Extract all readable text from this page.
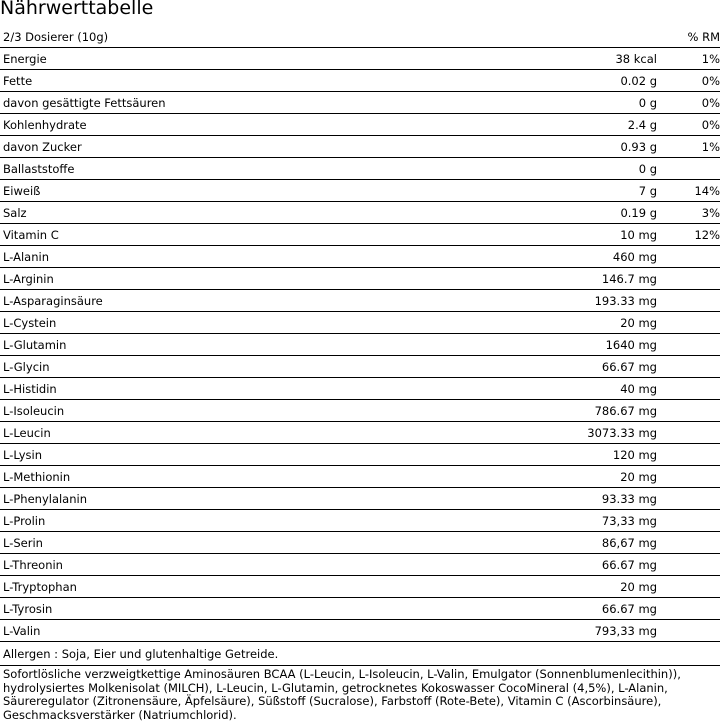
Nährwerttabelle
2/3 Dosierer (10g)		% RM
Energie	38 kcal	1%
Fette	0.02 g	0%
davon gesättigte Fettsäuren	0 g	0%
Kohlenhydrate	2.4 g	0%
davon Zucker	0.93 g	1%
Ballaststoffe	0 g	
Eiweiß	7 g	14%
Salz	0.19 g	3%
Vitamin C	10 mg	12%
L-Alanin	460 mg	
L-Arginin	146.7 mg	
L-Asparaginsäure	193.33 mg	
L-Cystein	20 mg	
L-Glutamin	1640 mg	
L-Glycin	66.67 mg	
L-Histidin	40 mg	
L-Isoleucin	786.67 mg	
L-Leucin	3073.33 mg	
L-Lysin	120 mg	
L-Methionin	20 mg	
L-Phenylalanin	93.33 mg	
L-Prolin	73,33 mg	
L-Serin	86,67 mg	
L-Threonin	66.67 mg	
L-Tryptophan	20 mg	
L-Tyrosin	66.67 mg	
L-Valin	793,33 mg	
Allergen : Soja, Eier und glutenhaltige Getreide.
Sofortlösliche verzweigtkettige Aminosäuren BCAA (L-Leucin, L-Isoleucin, L-Valin, Emulgator (Sonnenblumenlecithin)), hydrolysiertes Molkenisolat (MILCH), L-Leucin, L-Glutamin, getrocknetes Kokoswasser CocoMineral (4,5%), L-Alanin, Säureregulator (Zitronensäure, Äpfelsäure), Süßstoff (Sucralose), Farbstoff (Rote-Bete), Vitamin C (Ascorbinsäure), Geschmacksverstärker (Natriumchlorid).
